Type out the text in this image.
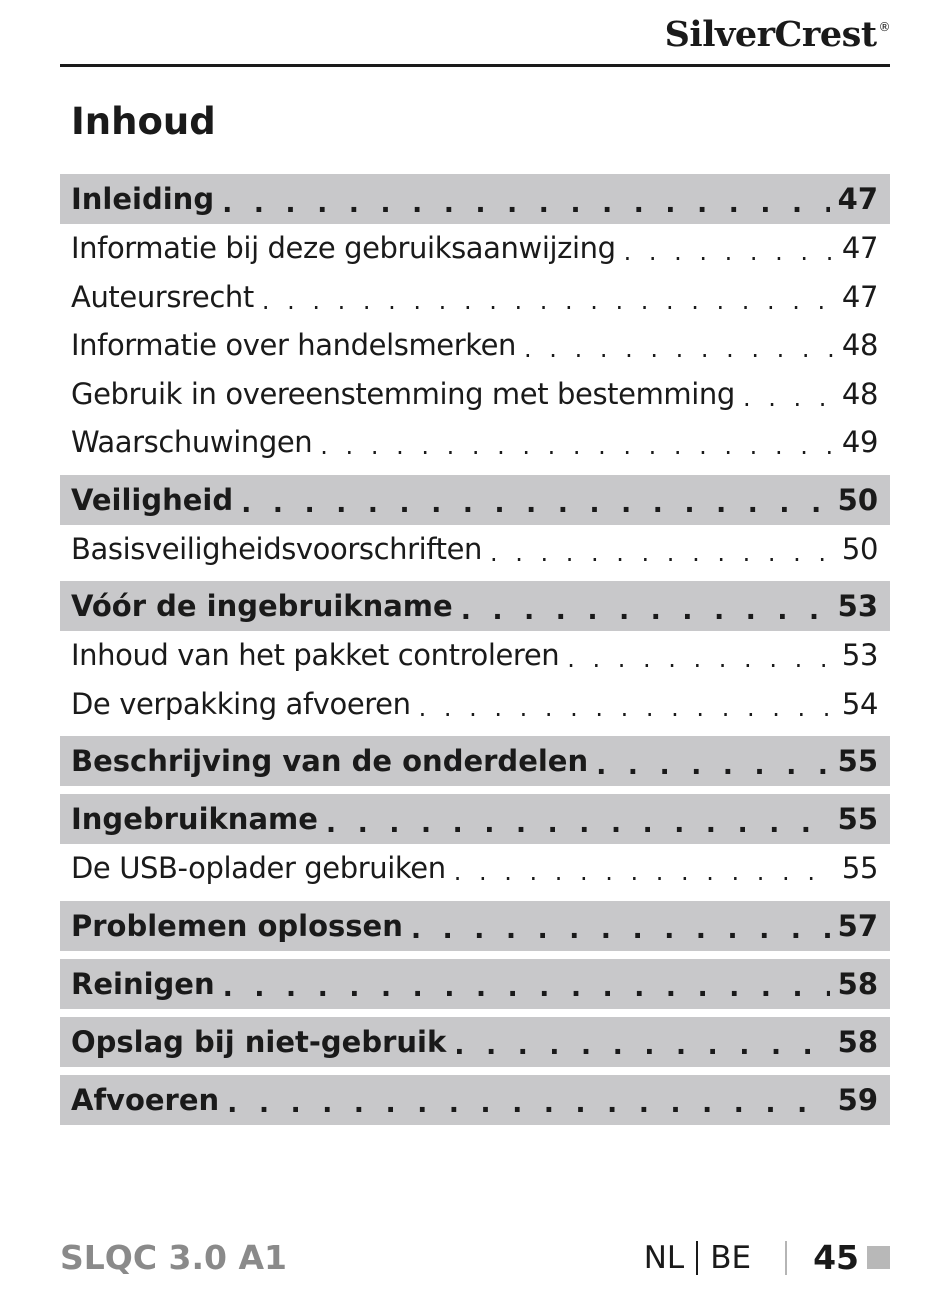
SilverCrest ®
Inhoud
Inleiding . . .	47
Informatie bij deze gebruiksaanwijzing . . .	47
Auteursrecht . . .	47
Informatie over handelsmerken . . .	48
Gebruik in overeenstemming met bestemming . . .	48
Waarschuwingen . . .	49
Veiligheid . . .	50
Basisveiligheidsvoorschriften . . .	50
Vóór de ingebruikname . . .	53
Inhoud van het pakket controleren . . .	53
De verpakking afvoeren . . .	54
Beschrijving van de onderdelen . . .	55
Ingebruikname . . .	55
De USB-oplader gebruiken . . .	55
Problemen oplossen . . .	57
Reinigen . . .	58
Opslag bij niet-gebruik . . .	58
Afvoeren . . .	59
SLQC 3.0 A1	NL BE 45
